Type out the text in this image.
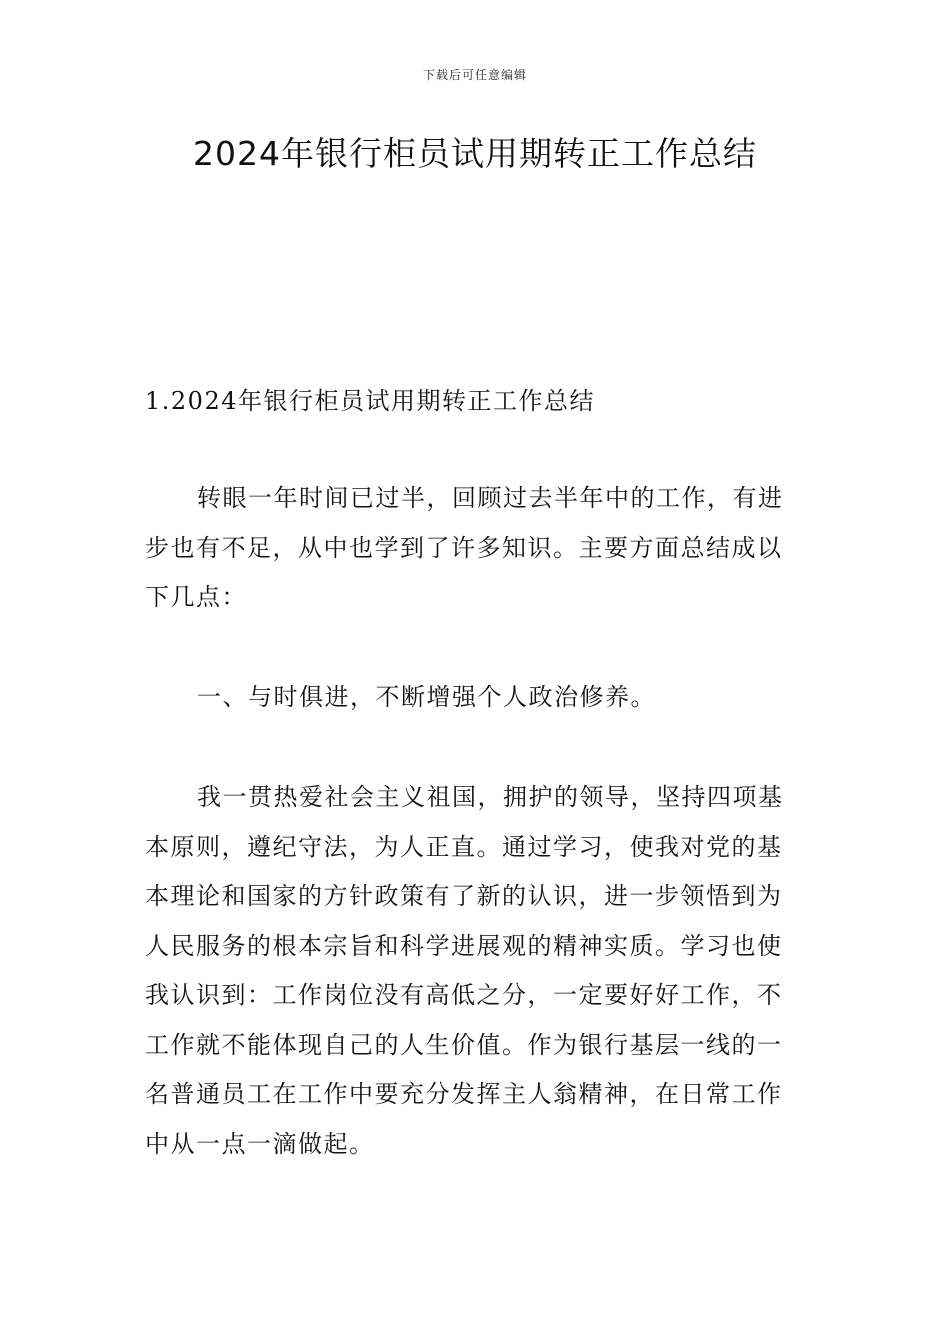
下载后可任意编辑
2024年银行柜员试用期转正工作总结

1.2024年银行柜员试用期转正工作总结

转眼一年时间已过半，回顾过去半年中的工作，有进步也有不足，从中也学到了许多知识。主要方面总结成以下几点：

一、与时俱进，不断增强个人政治修养。

我一贯热爱社会主义祖国，拥护的领导，坚持四项基本原则，遵纪守法，为人正直。通过学习，使我对党的基本理论和国家的方针政策有了新的认识，进一步领悟到为人民服务的根本宗旨和科学进展观的精神实质。学习也使我认识到：工作岗位没有高低之分，一定要好好工作，不工作就不能体现自己的人生价值。作为银行基层一线的一名普通员工在工作中要充分发挥主人翁精神，在日常工作中从一点一滴做起。
